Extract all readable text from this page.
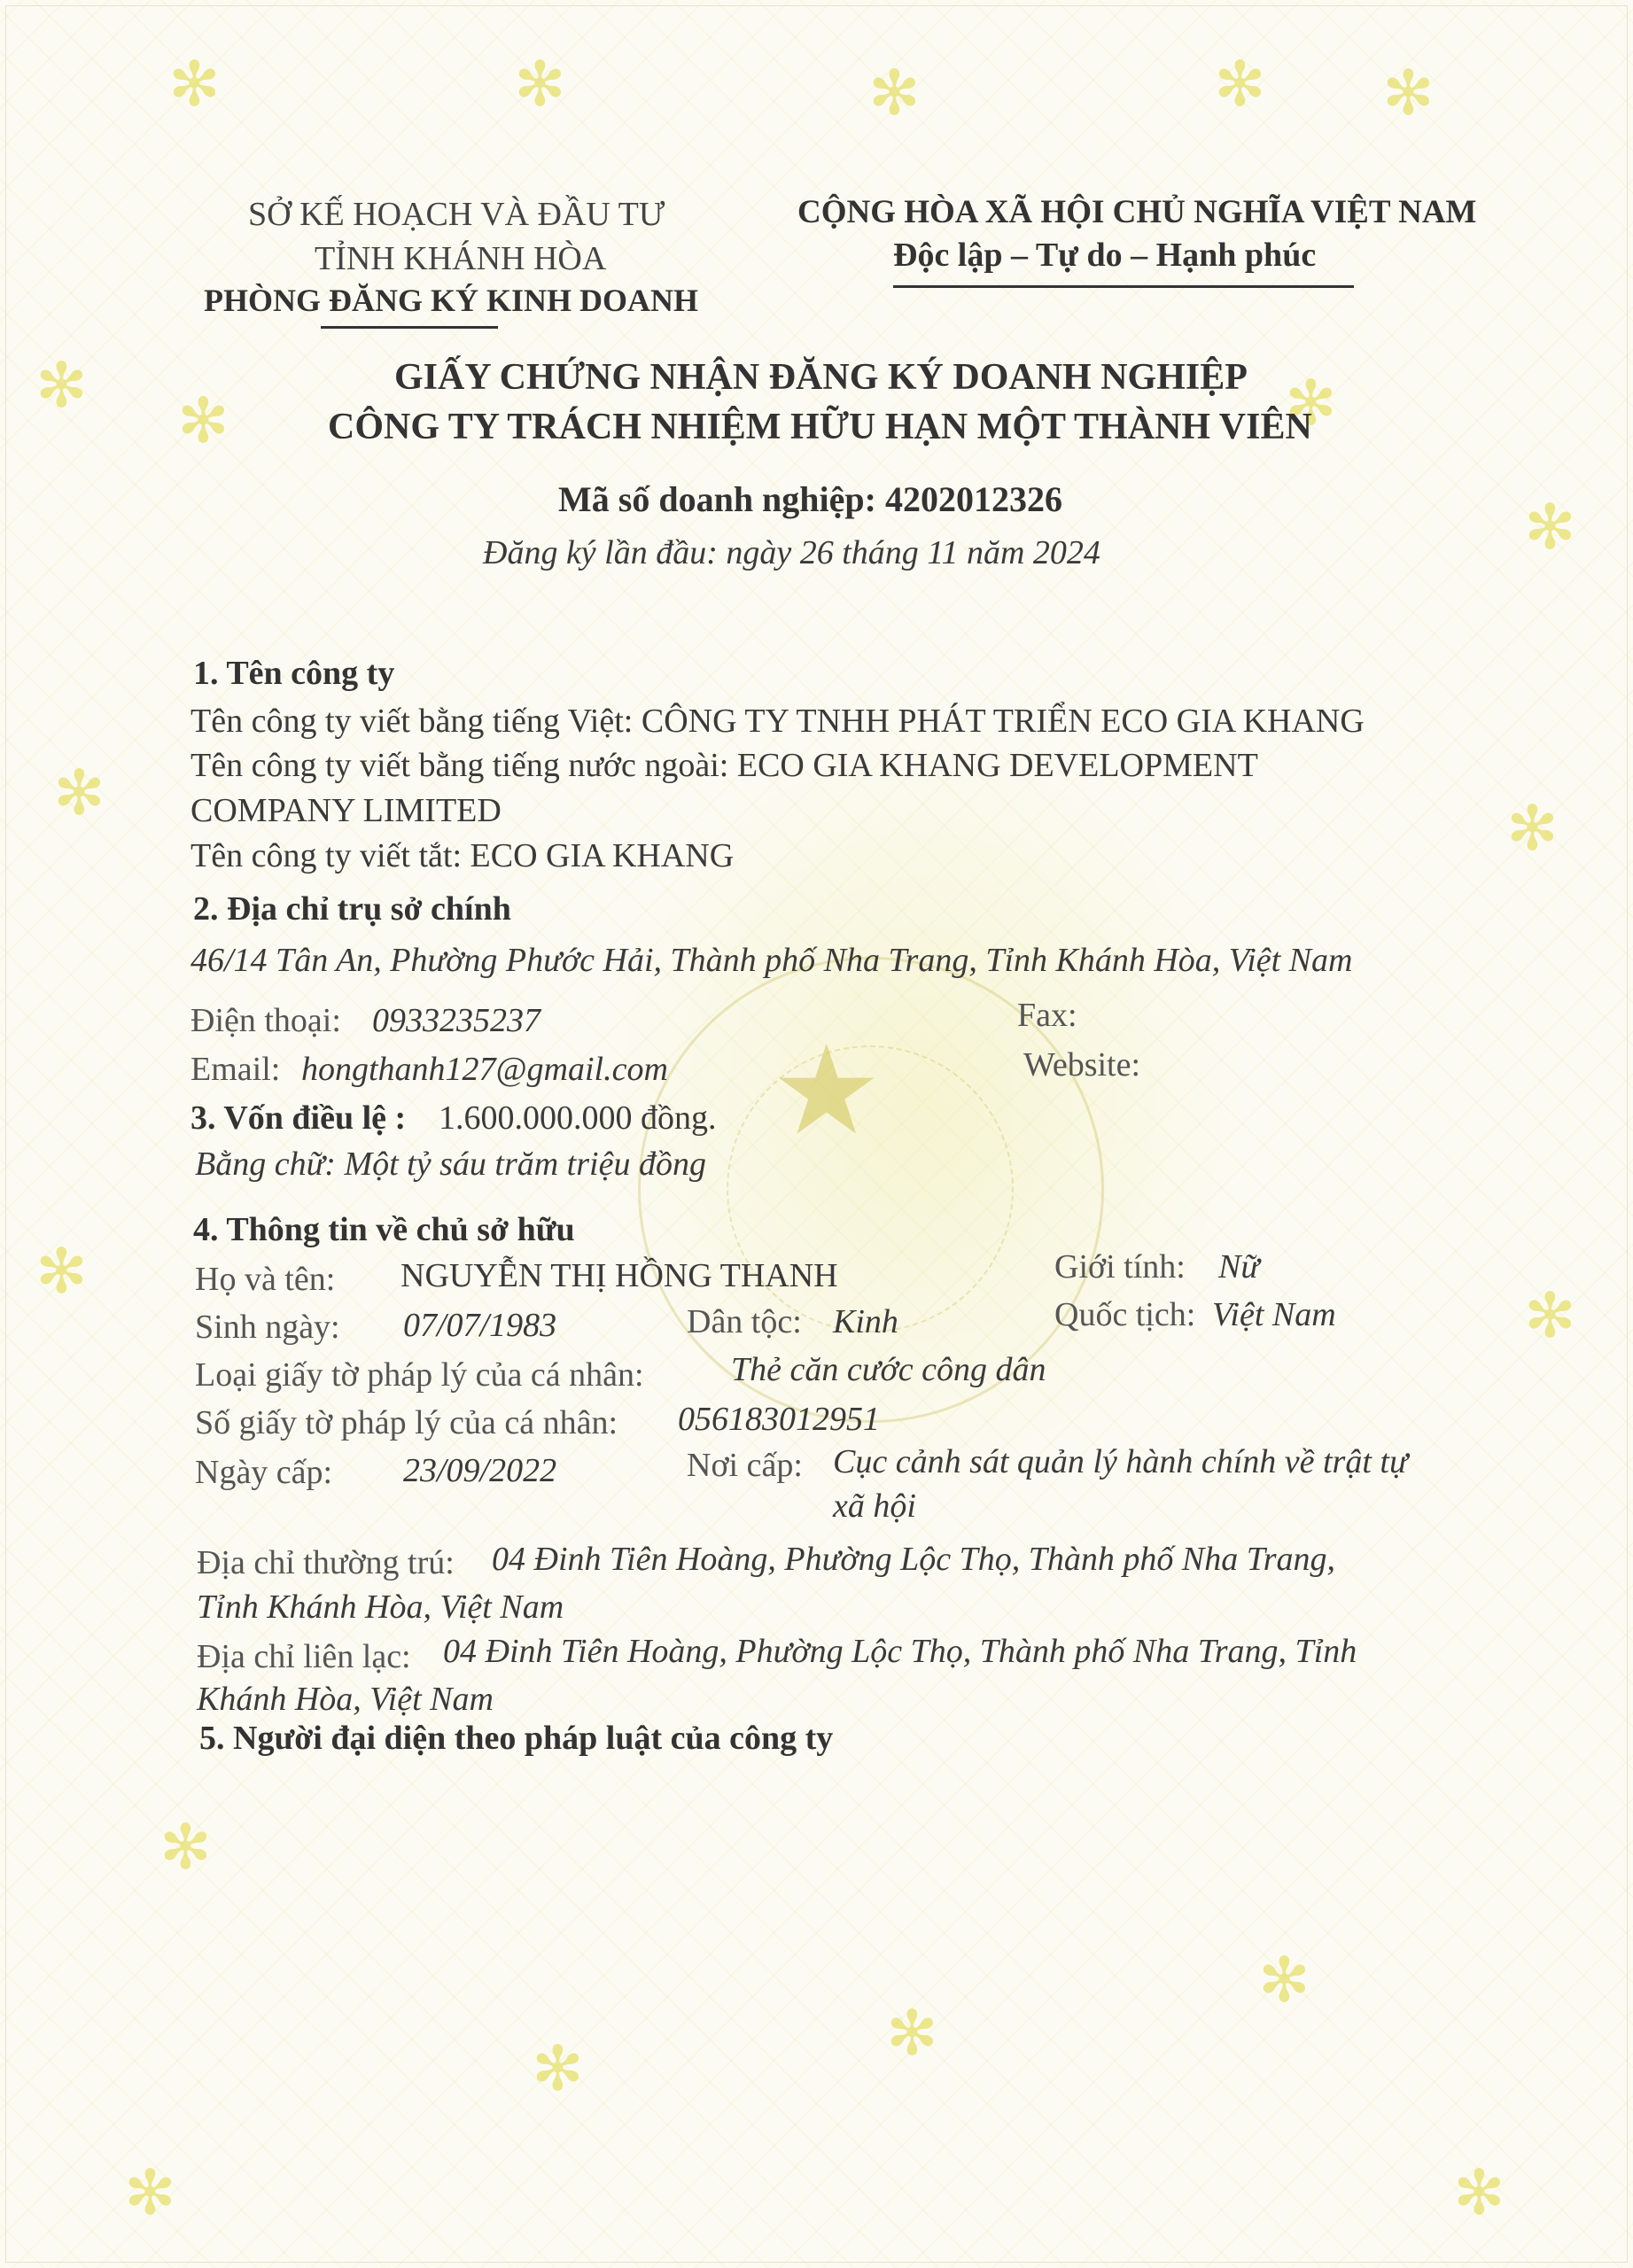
✻	✻	✻	✻ ✻
✻ ✻	✻
✻
✻	✻
✻
✻
✻
✻	✻
✻
✻
✻
★
SỞ KẾ HOẠCH VÀ ĐẦU TƯ
TỈNH KHÁNH HÒA
PHÒNG ĐĂNG KÝ KINH DOANH
CỘNG HÒA XÃ HỘI CHỦ NGHĨA VIỆT NAM
Độc lập – Tự do – Hạnh phúc
GIẤY CHỨNG NHẬN ĐĂNG KÝ DOANH NGHIỆP
CÔNG TY TRÁCH NHIỆM HỮU HẠN MỘT THÀNH VIÊN
Mã số doanh nghiệp: 4202012326
Đăng ký lần đầu: ngày 26 tháng 11 năm 2024
1. Tên công ty
Tên công ty viết bằng tiếng Việt: CÔNG TY TNHH PHÁT TRIỂN ECO GIA KHANG
Tên công ty viết bằng tiếng nước ngoài: ECO GIA KHANG DEVELOPMENT
COMPANY LIMITED
Tên công ty viết tắt: ECO GIA KHANG
2. Địa chỉ trụ sở chính
46/14 Tân An, Phường Phước Hải, Thành phố Nha Trang, Tỉnh Khánh Hòa, Việt Nam
Điện thoại: 0933235237	Fax:
Email: hongthanh127@gmail.com	Website:
3. Vốn điều lệ : 1.600.000.000 đồng.
Bằng chữ: Một tỷ sáu trăm triệu đồng
4. Thông tin về chủ sở hữu
Họ và tên: NGUYỄN THỊ HỒNG THANH	Giới tính: Nữ
Sinh ngày: 07/07/1983	Dân tộc: Kinh	Quốc tịch: Việt Nam
Loại giấy tờ pháp lý của cá nhân:	Thẻ căn cước công dân
Số giấy tờ pháp lý của cá nhân: 056183012951
Ngày cấp: 23/09/2022	Nơi cấp: Cục cảnh sát quản lý hành chính về trật tự
xã hội
Địa chỉ thường trú: 04 Đinh Tiên Hoàng, Phường Lộc Thọ, Thành phố Nha Trang,
Tỉnh Khánh Hòa, Việt Nam
Địa chỉ liên lạc: 04 Đinh Tiên Hoàng, Phường Lộc Thọ, Thành phố Nha Trang, Tỉnh
Khánh Hòa, Việt Nam
5. Người đại diện theo pháp luật của công ty
